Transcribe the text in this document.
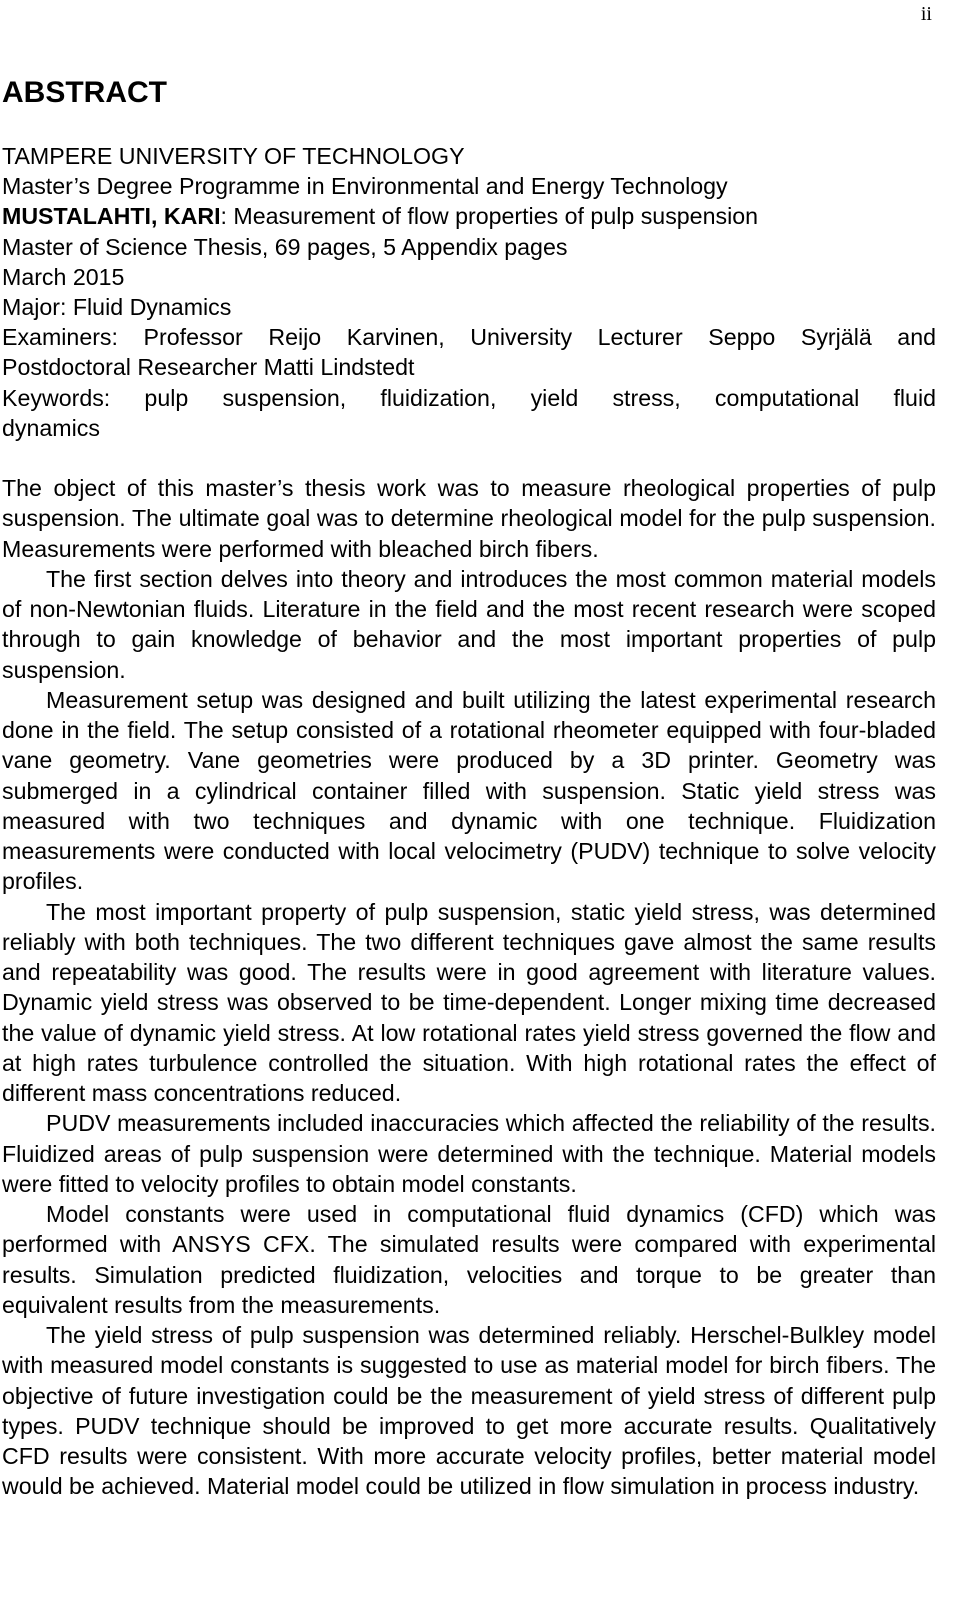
ii
ABSTRACT
TAMPERE UNIVERSITY OF TECHNOLOGY
Master’s Degree Programme in Environmental and Energy Technology
MUSTALAHTI, KARI: Measurement of flow properties of pulp suspension
Master of Science Thesis, 69 pages, 5 Appendix pages
March 2015
Major: Fluid Dynamics
Examiners: Professor Reijo Karvinen, University Lecturer Seppo Syrjälä and
Postdoctoral Researcher Matti Lindstedt
Keywords: pulp suspension, fluidization, yield stress, computational fluid
dynamics

The object of this master’s thesis work was to measure rheological properties of pulp suspension. The ultimate goal was to determine rheological model for the pulp suspension. Measurements were performed with bleached birch fibers.

The first section delves into theory and introduces the most common material models of non-Newtonian fluids. Literature in the field and the most recent research were scoped through to gain knowledge of behavior and the most important properties of pulp suspension.

Measurement setup was designed and built utilizing the latest experimental research done in the field. The setup consisted of a rotational rheometer equipped with four-bladed vane geometry. Vane geometries were produced by a 3D printer. Geometry was submerged in a cylindrical container filled with suspension. Static yield stress was measured with two techniques and dynamic with one technique. Fluidization measurements were conducted with local velocimetry (PUDV) technique to solve velocity profiles.

The most important property of pulp suspension, static yield stress, was determined reliably with both techniques. The two different techniques gave almost the same results and repeatability was good. The results were in good agreement with literature values. Dynamic yield stress was observed to be time-dependent. Longer mixing time decreased the value of dynamic yield stress. At low rotational rates yield stress governed the flow and at high rates turbulence controlled the situation. With high rotational rates the effect of different mass concentrations reduced.

PUDV measurements included inaccuracies which affected the reliability of the results. Fluidized areas of pulp suspension were determined with the technique. Material models were fitted to velocity profiles to obtain model constants.

Model constants were used in computational fluid dynamics (CFD) which was performed with ANSYS CFX. The simulated results were compared with experimental results. Simulation predicted fluidization, velocities and torque to be greater than equivalent results from the measurements.

The yield stress of pulp suspension was determined reliably. Herschel-Bulkley model with measured model constants is suggested to use as material model for birch fibers. The objective of future investigation could be the measurement of yield stress of different pulp types. PUDV technique should be improved to get more accurate results. Qualitatively CFD results were consistent. With more accurate velocity profiles, better material model would be achieved. Material model could be utilized in flow simulation in process industry.
